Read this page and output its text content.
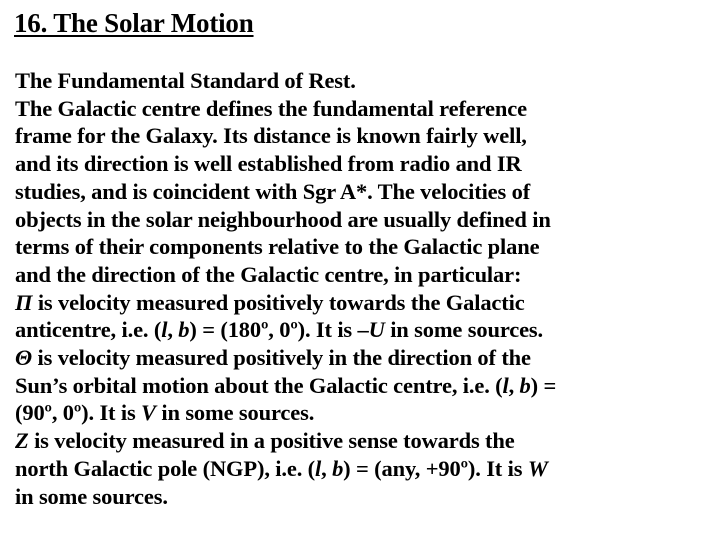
16. The Solar Motion
The Fundamental Standard of Rest.
The Galactic centre defines the fundamental reference
frame for the Galaxy. Its distance is known fairly well,
and its direction is well established from radio and IR
studies, and is coincident with Sgr A*. The velocities of
objects in the solar neighbourhood are usually defined in
terms of their components relative to the Galactic plane
and the direction of the Galactic centre, in particular:
Π is velocity measured positively towards the Galactic
anticentre, i.e. (l, b) = (180º, 0º). It is –U in some sources.
Θ is velocity measured positively in the direction of the
Sun’s orbital motion about the Galactic centre, i.e. (l, b) =
(90º, 0º). It is V in some sources.
Z is velocity measured in a positive sense towards the
north Galactic pole (NGP), i.e. (l, b) = (any, +90º). It is W
in some sources.
